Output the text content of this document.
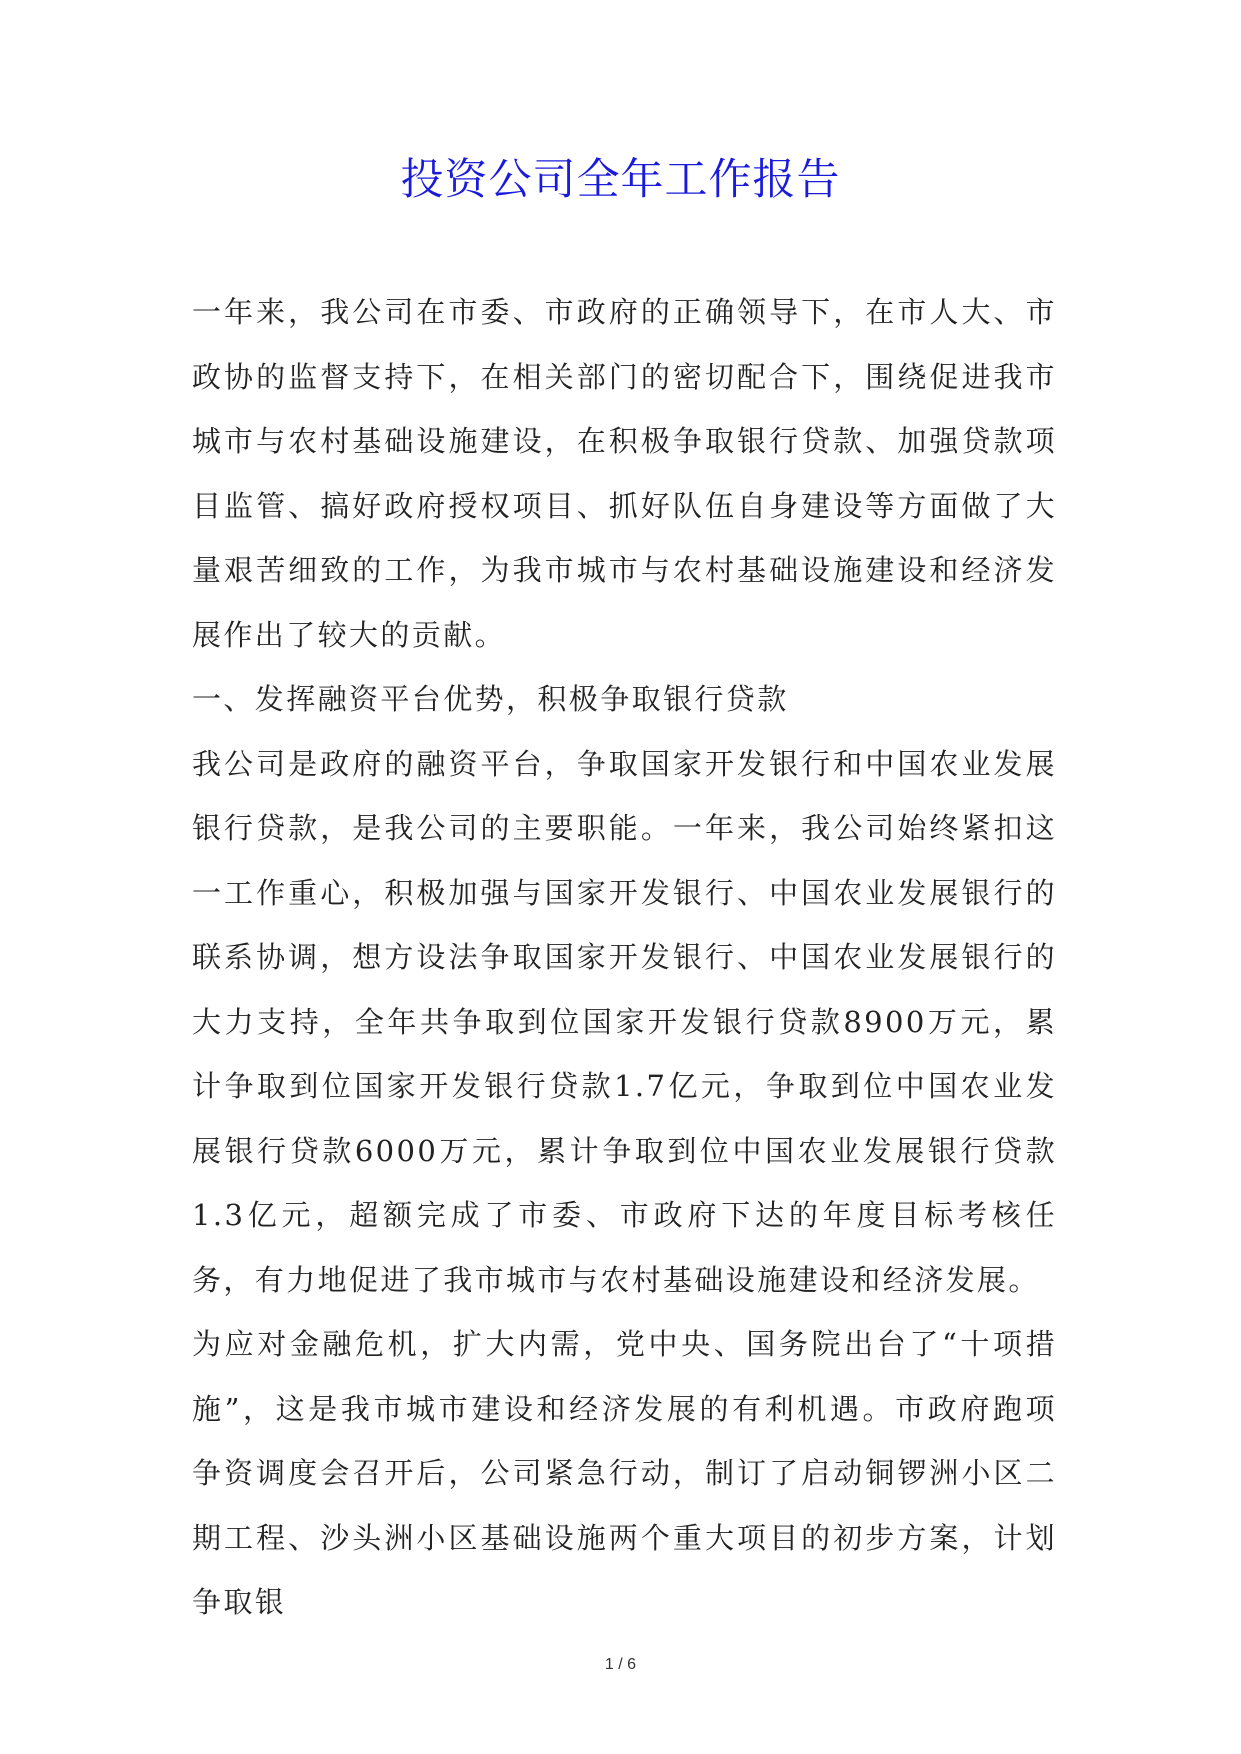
投资公司全年工作报告

一年来，我公司在市委、市政府的正确领导下，在市人大、市政协的监督支持下，在相关部门的密切配合下，围绕促进我市城市与农村基础设施建设，在积极争取银行贷款、加强贷款项目监管、搞好政府授权项目、抓好队伍自身建设等方面做了大量艰苦细致的工作，为我市城市与农村基础设施建设和经济发展作出了较大的贡献。

一、发挥融资平台优势，积极争取银行贷款

我公司是政府的融资平台，争取国家开发银行和中国农业发展银行贷款，是我公司的主要职能。一年来，我公司始终紧扣这一工作重心，积极加强与国家开发银行、中国农业发展银行的联系协调，想方设法争取国家开发银行、中国农业发展银行的大力支持，全年共争取到位国家开发银行贷款8900万元，累计争取到位国家开发银行贷款1.7亿元，争取到位中国农业发展银行贷款6000万元，累计争取到位中国农业发展银行贷款1.3亿元，超额完成了市委、市政府下达的年度目标考核任务，有力地促进了我市城市与农村基础设施建设和经济发展。

为应对金融危机，扩大内需，党中央、国务院出台了“十项措施”，这是我市城市建设和经济发展的有利机遇。市政府跑项争资调度会召开后，公司紧急行动，制订了启动铜锣洲小区二期工程、沙头洲小区基础设施两个重大项目的初步方案，计划争取银

1 / 6
